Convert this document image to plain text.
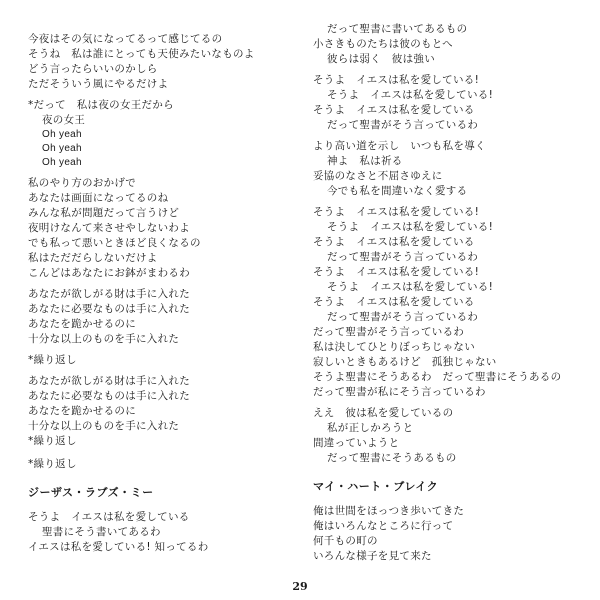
今夜はその気になってるって感じてるの
そうね　私は誰にとっても天使みたいなものよ
どう言ったらいいのかしら
ただそういう風にやるだけよ
*だって　私は夜の女王だから
夜の女王
Oh yeah
Oh yeah
Oh yeah
私のやり方のおかげで
あなたは画面になってるのね
みんな私が問題だって言うけど
夜明けなんて来させやしないわよ
でも私って悪いときほど良くなるの
私はただだらしないだけよ
こんどはあなたにお鉢がまわるわ
あなたが欲しがる財は手に入れた
あなたに必要なものは手に入れた
あなたを跪かせるのに
十分な以上のものを手に入れた
*繰り返し
あなたが欲しがる財は手に入れた
あなたに必要なものは手に入れた
あなたを跪かせるのに
十分な以上のものを手に入れた
*繰り返し
*繰り返し
ジーザス・ラブズ・ミー
そうよ　イエスは私を愛している
聖書にそう書いてあるわ
イエスは私を愛している! 知ってるわ
だって聖書に書いてあるもの
小さきものたちは彼のもとへ
彼らは弱く　彼は強い
そうよ　イエスは私を愛している!
そうよ　イエスは私を愛している!
そうよ　イエスは私を愛している
だって聖書がそう言っているわ
より高い道を示し　いつも私を導く
神よ　私は祈る
妥協のなさと不屈さゆえに
今でも私を間違いなく愛する
そうよ　イエスは私を愛している!
そうよ　イエスは私を愛している!
そうよ　イエスは私を愛している
だって聖書がそう言っているわ
そうよ　イエスは私を愛している!
そうよ　イエスは私を愛している!
そうよ　イエスは私を愛している
だって聖書がそう言っているわ
だって聖書がそう言っているわ
私は決してひとりぼっちじゃない
寂しいときもあるけど　孤独じゃない
そうよ聖書にそうあるわ　だって聖書にそうあるの
だって聖書が私にそう言っているわ
ええ　彼は私を愛しているの
私が正しかろうと
間違っていようと
だって聖書にそうあるもの
マイ・ハート・ブレイク
俺は世間をほっつき歩いてきた
俺はいろんなところに行って
何千もの町の
いろんな様子を見て来た
29
